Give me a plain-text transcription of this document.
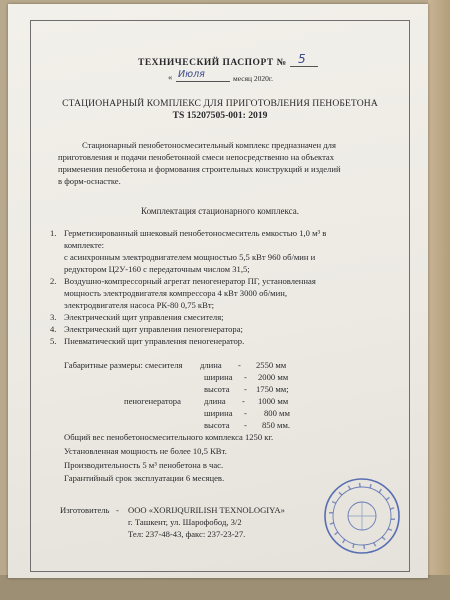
ТЕХНИЧЕСКИЙ ПАСПОРТ № 5
« Июля	месяц 2020г.
СТАЦИОНАРНЫЙ КОМПЛЕКС ДЛЯ ПРИГОТОВЛЕНИЯ ПЕНОБЕТОНА
TS 15207505-001: 2019
Стационарный пенобетоносмесительный комплекс предназначен для
приготовления и подачи пенобетонной смеси непосредственно на объектах
применения пенобетона и формования строительных конструкций и изделий
в форм-оснастке.
Комплектация стационарного комплекса.
1. Герметизированный шнековый пенобетоносмеситель емкостью 1,0 м³ в
комплекте:
с асинхронным электродвигателем мощностью 5,5 кВт 960 об/мин и
редуктором Ц2У-160 с передаточным числом 31,5;
2. Воздушно-компрессорный агрегат пеногенератор ПГ, установленная
мощность электродвигателя компрессора 4 кВт 3000 об/мин,
электродвигателя насоса РК-80 0,75 кВт;
3. Электрический щит управления смесителя;
4. Электрический щит управления пеногенератора;
5. Пневматический щит управления пеногенератор.
Габаритные размеры: смесителя длина - 2550 мм
ширина - 2000 мм
высота - 1750 мм;
пеногенератора	длина - 1000 мм
ширина - 800 мм
высота - 850 мм.
Общий вес пенобетоносмесительного комплекса 1250 кг.
Установленная мощность не более 10,5 КВт.
Производительность 5 м³ пенобетона в час.
Гарантийный срок эксплуатации 6 месяцев.
Изготовитель - ООО «XORIJQURILISH TEXNOLOGIYA»
г. Ташкент, ул. Шарофобод, 3/2
Тел: 237-48-43, факс: 237-23-27.
